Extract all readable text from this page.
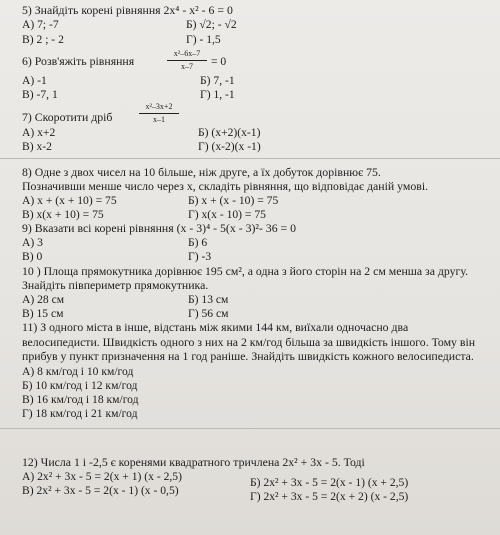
5) Знайдіть корені рівняння 2x⁴ - x² - 6 = 0
А) 7; -7	Б) √2; - √2
В) 2 ; - 2	Г) - 1,5
6) Розв'яжіть рівняння
x²–6x–7
x–7	= 0
А) -1	Б) 7, -1
В) -7, 1	Г) 1, -1
7) Скоротити дріб
x²–3x+2
x–1
А) x+2	Б) (x+2)(x-1)
В) x-2	Г) (x-2)(x -1)
8) Одне з двох чисел на 10 більше, ніж друге, а їх добуток дорівнює 75.
Позначивши менше число через x, складіть рівняння, що відповідає даній умові.
А) x + (x + 10) = 75	Б) x + (x - 10) = 75
В) x(x + 10) = 75	Г) x(x - 10) = 75
9) Вказати всі корені рівняння (x - 3)⁴ - 5(x - 3)²- 36 = 0
А) 3	Б) 6
В) 0	Г) -3
10 ) Площа прямокутника дорівнює 195 см², а одна з його сторін на 2 см менша за другу.
Знайдіть півпериметр прямокутника.
А) 28 см	Б) 13 см
В) 15 см	Г) 56 см
11) З одного міста в інше, відстань між якими 144 км, виїхали одночасно два
велосипедисти. Швидкість одного з них на 2 км/год більша за швидкість іншого. Тому він
прибув у пункт призначення на 1 год раніше. Знайдіть швидкість кожного велосипедиста.
А) 8 км/год і 10 км/год
Б) 10 км/год і 12 км/год
В) 16 км/год і 18 км/год
Г) 18 км/год і 21 км/год
12) Числа 1 і -2,5 є коренями квадратного тричлена 2x² + 3x - 5. Тоді
А) 2x² + 3x - 5 = 2(x + 1) (x - 2,5)	Б) 2x² + 3x - 5 = 2(x - 1) (x + 2,5)
В) 2x² + 3x - 5 = 2(x - 1) (x - 0,5)	Г) 2x² + 3x - 5 = 2(x + 2) (x - 2,5)
